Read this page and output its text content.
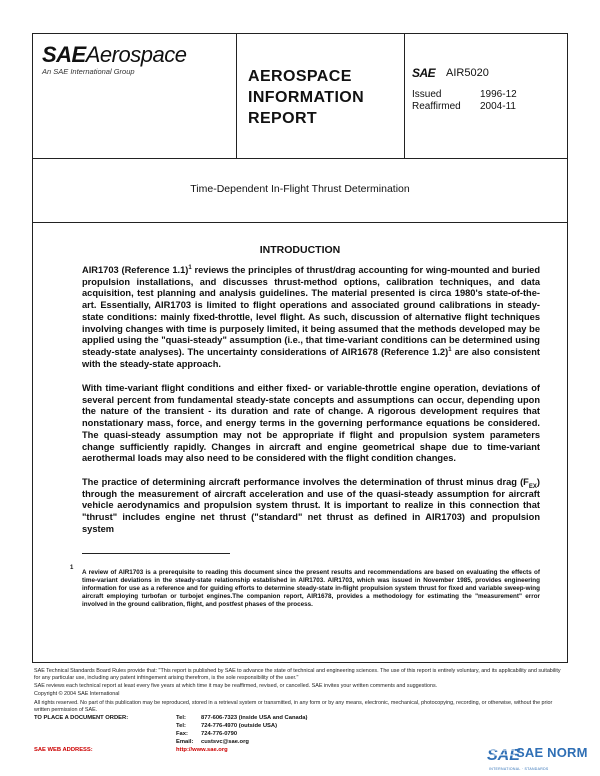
SAEAerospace
An SAE International Group	AEROSPACE
INFORMATION
REPORT
SAE AIR5020
Issued	1996-12
Reaffirmed 2004-11
Time-Dependent In-Flight Thrust Determination
INTRODUCTION

AIR1703 (Reference 1.1)$^1$ reviews the principles of thrust/drag accounting for wing-mounted and buried propulsion installations, and discusses thrust-method options, calibration techniques, and data acquisition, test planning and analysis guidelines. The material presented is circa 1980's state-of-the-art. Essentially, AIR1703 is limited to flight operations and associated ground calibrations in steady-state conditions: mainly fixed-throttle, level flight. As such, discussion of alternative flight techniques involving changes with time is purposely limited, it being assumed that the methods developed may be applied using the "quasi-steady" assumption (i.e., that time-variant conditions can be determined using steady-state analyses). The uncertainty considerations of AIR1678 (Reference 1.2)$^1$ are also consistent with the steady-state approach.

With time-variant flight conditions and either fixed- or variable-throttle engine operation, deviations of several percent from fundamental steady-state concepts and assumptions can occur, depending upon the nature of the transient - its duration and rate of change. A rigorous development requires that nonstationary mass, force, and energy terms in the governing performance equations be considered. The quasi-steady assumption may not be appropriate if flight and propulsion system parameters change sufficiently rapidly. Changes in aircraft and engine geometrical shape due to time-variant aerothermal loads may also need to be considered with the flight condition changes.

The practice of determining aircraft performance involves the determination of thrust minus drag $(F_{EX})$ through the measurement of aircraft acceleration and use of the quasi-steady assumption for aircraft vehicle aerodynamics and propulsion system thrust. It is important to realize in this connection that "thrust" includes engine net thrust ("standard" net thrust as defined in AIR1703) and propulsion system

1

A review of AIR1703 is a prerequisite to reading this document since the present results and recommendations are based on evaluating the effects of time-variant deviations in the steady-state relationship established in AIR1703. AIR1703, which was issued in November 1985, provides engineering information for use as a reference and for guiding efforts to determine steady-state in-flight propulsion system thrust for fixed and variable sweep-wing aircraft employing turbofan or turbojet engines.The companion report, AIR1678, provides a methodology for estimating the "measurement" error involved in the ground calibration, flight, and postfest phases of the process.

SAE Technical Standards Board Rules provide that: "This report is published by SAE to advance the state of technical and engineering sciences. The use of this report is entirely voluntary, and its applicability and suitability for any particular use, including any patent infringement arising therefrom, is the sole responsibility of the user."

SAE reviews each technical report at least every five years at which time it may be reaffirmed, revised, or cancelled. SAE invites your written comments and suggestions.

Copyright © 2004 SAE International

All rights reserved. No part of this publication may be reproduced, stored in a retrieval system or transmitted, in any form or by any means, electronic, mechanical, photocopying, recording, or otherwise, without the prior written permission of SAE.

TO PLACE A DOCUMENT ORDER:	Tel:	877-606-7323 (inside USA and Canada)
Tel:	724-776-4970 (outside USA)
Fax: 724-776-0790
Email: custsvc@sae.org
SAE WEB ADDRESS:	http://www.sae.org	SAE
SAE NORM
INTERNATIONAL · STANDARDS
